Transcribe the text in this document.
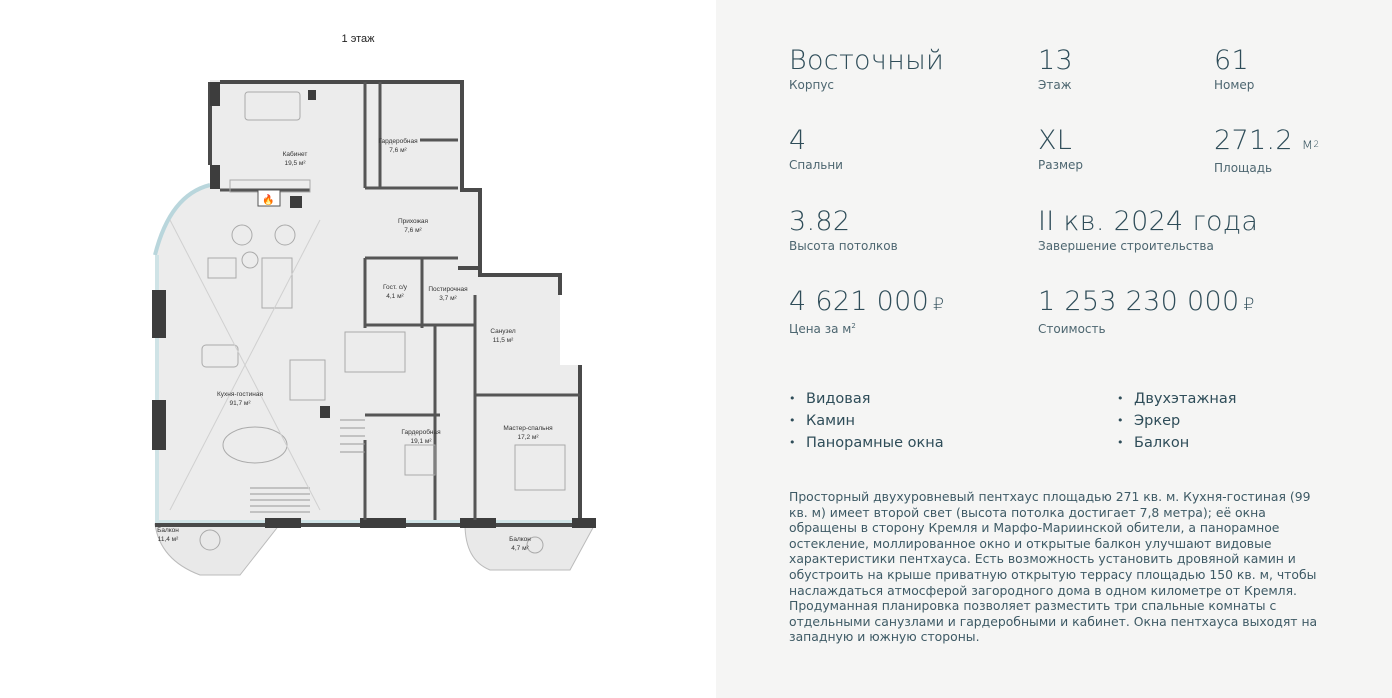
1 этаж
🔥
Кабинет
19,5 м²
Гардеробная
7,6 м²
Прихожая
7,6 м²
Гост. с/у
4,1 м²
Постирочная
3,7 м²
Санузел
11,5 м²
Кухня-гостиная
91,7 м²
Гардеробная
19,1 м²
Мастер-спальня
17,2 м²
Балкон
11,4 м²	Балкон
4,7 м²
Восточный
Корпус
13
Этаж
61
Номер
4
Спальни
XL
Размер
271.2 $м^2$
Площадь
3.82
Высота потолков
II кв. 2024 года
Завершение строительства
4 621 000 ₽
Цена за $м^2$
1 253 230 000 ₽
Стоимость
• Видовая
• Камин
• Панорамные окна
• Двухэтажная
• Эркер
• Балкон
Просторный двухуровневый пентхаус площадью 271 кв. м. Кухня-гостиная (99 кв. м) имеет второй свет (высота потолка достигает 7,8 метра); её окна обращены в сторону Кремля и Марфо-Мариинской обители, а панорамное остекление, моллированное окно и открытые балкон улучшают видовые характеристики пентхауса. Есть возможность установить дровяной камин и обустроить на крыше приватную открытую террасу площадью 150 кв. м, чтобы наслаждаться атмосферой загородного дома в одном километре от Кремля. Продуманная планировка позволяет разместить три спальные комнаты с отдельными санузлами и гардеробными и кабинет. Окна пентхауса выходят на западную и южную стороны.
